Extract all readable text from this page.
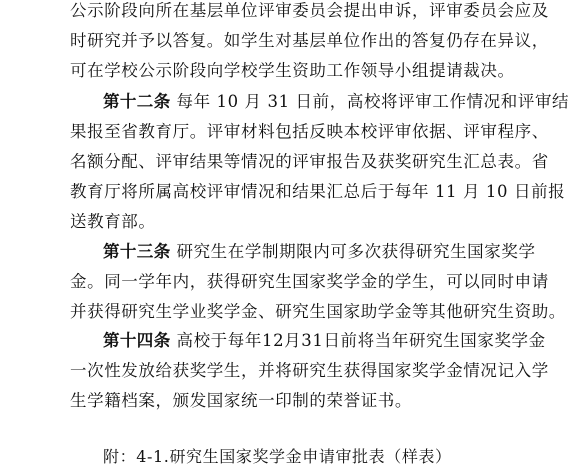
公示阶段向所在基层单位评审委员会提出申诉，评审委员会应及
时研究并予以答复。如学生对基层单位作出的答复仍存在异议，
可在学校公示阶段向学校学生资助工作领导小组提请裁决。
第十二条 每年 10 月 31 日前，高校将评审工作情况和评审结
果报至省教育厅。评审材料包括反映本校评审依据、评审程序、
名额分配、评审结果等情况的评审报告及获奖研究生汇总表。省
教育厅将所属高校评审情况和结果汇总后于每年 11 月 10 日前报
送教育部。
第十三条 研究生在学制期限内可多次获得研究生国家奖学
金。同一学年内，获得研究生国家奖学金的学生，可以同时申请
并获得研究生学业奖学金、研究生国家助学金等其他研究生资助。
第十四条 高校于每年12月31日前将当年研究生国家奖学金
一次性发放给获奖学生，并将研究生获得国家奖学金情况记入学
生学籍档案，颁发国家统一印制的荣誉证书。
附：4-1.研究生国家奖学金申请审批表（样表）
